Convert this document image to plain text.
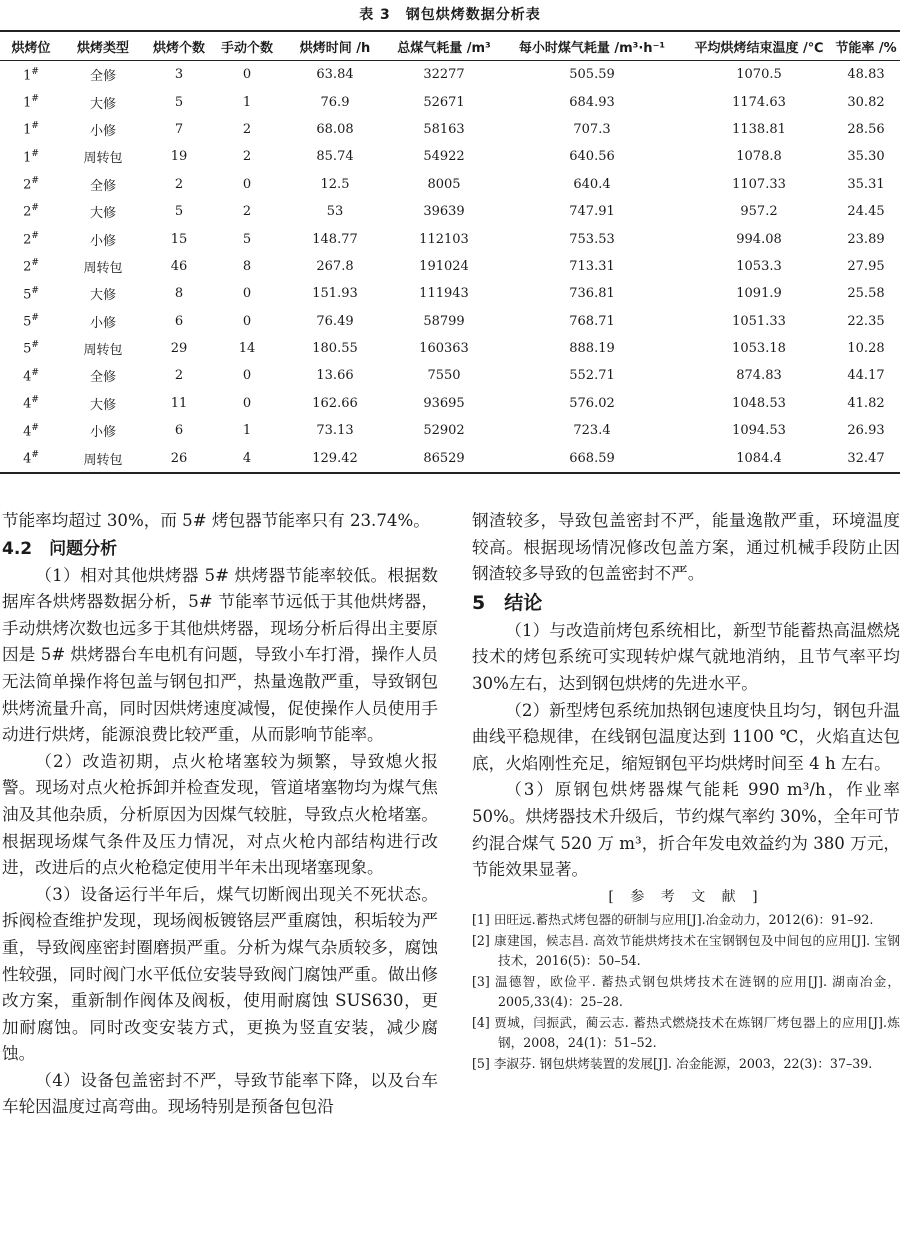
表 3　钢包烘烤数据分析表
烘烤位	烘烤类型	烘烤个数	手动个数	烘烤时间 /h	总煤气耗量 /m³	每小时煤气耗量 /m³·h⁻¹	平均烘烤结束温度 /℃	节能率 /%
1#	全修	3	0	63.84	32277	505.59	1070.5	48.83
1#	大修	5	1	76.9	52671	684.93	1174.63	30.82
1#	小修	7	2	68.08	58163	707.3	1138.81	28.56
1#	周转包	19	2	85.74	54922	640.56	1078.8	35.30
2#	全修	2	0	12.5	8005	640.4	1107.33	35.31
2#	大修	5	2	53	39639	747.91	957.2	24.45
2#	小修	15	5	148.77	112103	753.53	994.08	23.89
2#	周转包	46	8	267.8	191024	713.31	1053.3	27.95
5#	大修	8	0	151.93	111943	736.81	1091.9	25.58
5#	小修	6	0	76.49	58799	768.71	1051.33	22.35
5#	周转包	29	14	180.55	160363	888.19	1053.18	10.28
4#	全修	2	0	13.66	7550	552.71	874.83	44.17
4#	大修	11	0	162.66	93695	576.02	1048.53	41.82
4#	小修	6	1	73.13	52902	723.4	1094.53	26.93
4#	周转包	26	4	129.42	86529	668.59	1084.4	32.47

节能率均超过 30%，而 5# 烤包器节能率只有 23.74%。

4.2　问题分析

（1）相对其他烘烤器 5# 烘烤器节能率较低。根据数据库各烘烤器数据分析，5# 节能率节远低于其他烘烤器，手动烘烤次数也远多于其他烘烤器，现场分析后得出主要原因是 5# 烘烤器台车电机有问题，导致小车打滑，操作人员无法简单操作将包盖与钢包扣严，热量逸散严重，导致钢包烘烤流量升高，同时因烘烤速度减慢，促使操作人员使用手动进行烘烤，能源浪费比较严重，从而影响节能率。

（2）改造初期，点火枪堵塞较为频繁，导致熄火报警。现场对点火枪拆卸并检查发现，管道堵塞物均为煤气焦油及其他杂质，分析原因为因煤气较脏，导致点火枪堵塞。根据现场煤气条件及压力情况，对点火枪内部结构进行改进，改进后的点火枪稳定使用半年未出现堵塞现象。

（3）设备运行半年后，煤气切断阀出现关不死状态。拆阀检查维护发现，现场阀板镀铬层严重腐蚀，积垢较为严重，导致阀座密封圈磨损严重。分析为煤气杂质较多，腐蚀性较强，同时阀门水平低位安装导致阀门腐蚀严重。做出修改方案，重新制作阀体及阀板，使用耐腐蚀 SUS630，更加耐腐蚀。同时改变安装方式，更换为竖直安装，减少腐蚀。

（4）设备包盖密封不严，导致节能率下降，以及台车车轮因温度过高弯曲。现场特别是预备包包沿

钢渣较多，导致包盖密封不严，能量逸散严重，环境温度较高。根据现场情况修改包盖方案，通过机械手段防止因钢渣较多导致的包盖密封不严。

5　结论

（1）与改造前烤包系统相比，新型节能蓄热高温燃烧技术的烤包系统可实现转炉煤气就地消纳，且节气率平均 30%左右，达到钢包烘烤的先进水平。

（2）新型烤包系统加热钢包速度快且均匀，钢包升温曲线平稳规律，在线钢包温度达到 1100 ℃，火焰直达包底，火焰刚性充足，缩短钢包平均烘烤时间至 4 h 左右。

（3）原钢包烘烤器煤气能耗 990 m³/h，作业率 50%。烘烤器技术升级后，节约煤气率约 30%，全年可节约混合煤气 520 万 m³，折合年发电效益约为 380 万元，节能效果显著。

[ 参 考 文 献 ]

[1] 田旺远.蓄热式烤包器的研制与应用[J].冶金动力，2012(6)：91–92.

[2] 康建国，候志昌. 高效节能烘烤技术在宝钢钢包及中间包的应用[J]. 宝钢技术，2016(5)：50–54.

[3] 温德智，欧俭平. 蓄热式钢包烘烤技术在涟钢的应用[J]. 湖南冶金，2005,33(4)：25–28.

[4] 贾城，闫振武，蔺云志. 蓄热式燃烧技术在炼钢厂烤包器上的应用[J].炼钢，2008，24(1)：51–52.

[5] 李淑芬. 钢包烘烤装置的发展[J]. 冶金能源，2003，22(3)：37–39.
